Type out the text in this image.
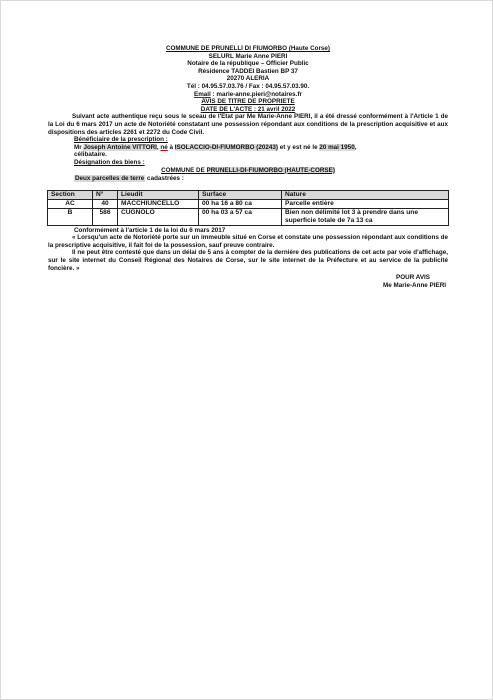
COMMUNE DE PRUNELLI DI FIUMORBO (Haute Corse)
SELURL Marie Anne PIERI
Notaire de la république – Officier Public
Résidence TADDEI Bastien BP 37
20270 ALERIA
Tél : 04.95.57.03.76 / Fax : 04.95.57.03.90.
Email : marie-anne.pieri@notaires.fr
AVIS DE TITRE DE PROPRIETE
DATE DE L'ACTE : 21 avril 2022

Suivant acte authentique reçu sous le sceau de l'Etat par Me Marie-Anne PIERI, il a été dressé conformément à l'Article 1 de la Loi du 6 mars 2017 un acte de Notoriété constatant une possession répondant aux conditions de la prescription acquisitive et aux dispositions des articles 2261 et 2272 du Code Civil.

Bénéficiaire de la prescription :
Mr Joseph Antoine VITTORI, né à ISOLACCIO-DI-FIUMORBO (20243) et y est né le 20 mai 1950,
célibataire.
Désignation des biens :
COMMUNE DE PRUNELLI-DI-FIUMORBO (HAUTE-CORSE)
Deux parcelles de terre cadastrées :
Section	N°	Lieudit	Surface	Nature
AC	40	MACCHIUNCELLO	00 ha 16 a 80 ca	Parcelle entière
B	586	CUGNOLO	00 ha 03 a 57 ca	Bien non délimité lot 3 à prendre dans une superficie totale de 7a 13 ca

Conformément à l'article 1 de la loi du 6 mars 2017

« Lorsqu'un acte de Notoriété porte sur un immeuble situé en Corse et constate une possession répondant aux conditions de la prescriptive acquisitive, il fait foi de la possession, sauf preuve contraire.

Il ne peut être contesté que dans un délai de 5 ans à compter de la dernière des publications de cet acte par voie d'affichage, sur le site internet du Conseil Régional des Notaires de Corse, sur le site internet de la Préfecture et au service de la publicité foncière. »

POUR AVIS
Me Marie-Anne PIERI
